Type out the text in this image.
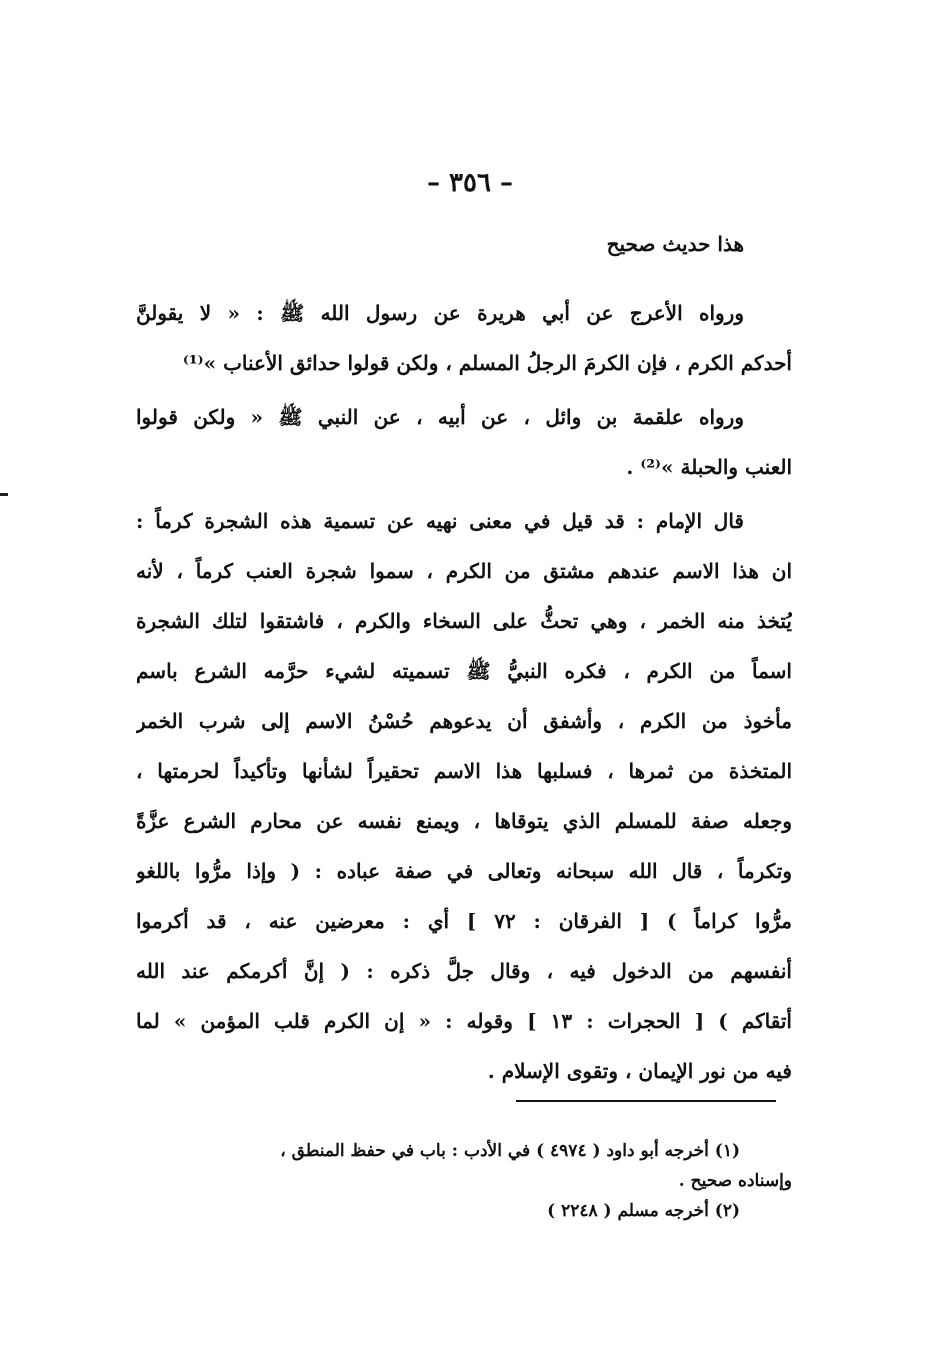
– ٣٥٦ –
هذا حديث صحيح

ورواه الأعرج عن أبي هريرة عن رسول الله ﷺ : « لا يقولنَّ
أحدكم الكرم ، فإن الكرمَ الرجلُ المسلم ، ولكن قولوا حدائق الأعناب »⁽¹⁾

ورواه علقمة بن وائل ، عن أبيه ، عن النبي ﷺ « ولكن قولوا
العنب والحبلة »⁽²⁾ .

قال الإمام : قد قيل في معنى نهيه عن تسمية هذه الشجرة كرماً :
ان هذا الاسم عندهم مشتق من الكرم ، سموا شجرة العنب كرماً ، لأنه
يُتخذ منه الخمر ، وهي تحثُّ على السخاء والكرم ، فاشتقوا لتلك الشجرة
اسماً من الكرم ، فكره النبيُّ ﷺ تسميته لشيء حرَّمه الشرع باسم
مأخوذ من الكرم ، وأشفق أن يدعوهم حُسْنُ الاسم إلى شرب الخمر
المتخذة من ثمرها ، فسلبها هذا الاسم تحقيراً لشأنها وتأكيداً لحرمتها ،
وجعله صفة للمسلم الذي يتوقاها ، ويمنع نفسه عن محارم الشرع عزَّةً
وتكرماً ، قال الله سبحانه وتعالى في صفة عباده : ( وإذا مرُّوا باللغو
مرُّوا كراماً ) [ الفرقان : ٧٢ ] أي : معرضين عنه ، قد أكرموا
أنفسهم من الدخول فيه ، وقال جلَّ ذكره : ( إنَّ أكرمكم عند الله
أتقاكم ) [ الحجرات : ١٣ ] وقوله : « إن الكرم قلب المؤمن » لما
فيه من نور الإيمان ، وتقوى الإسلام .

(١) أخرجه أبو داود ( ٤٩٧٤ ) في الأدب : باب في حفظ المنطق ،
وإسناده صحيح .
(٢) أخرجه مسلم ( ٢٢٤٨ )
